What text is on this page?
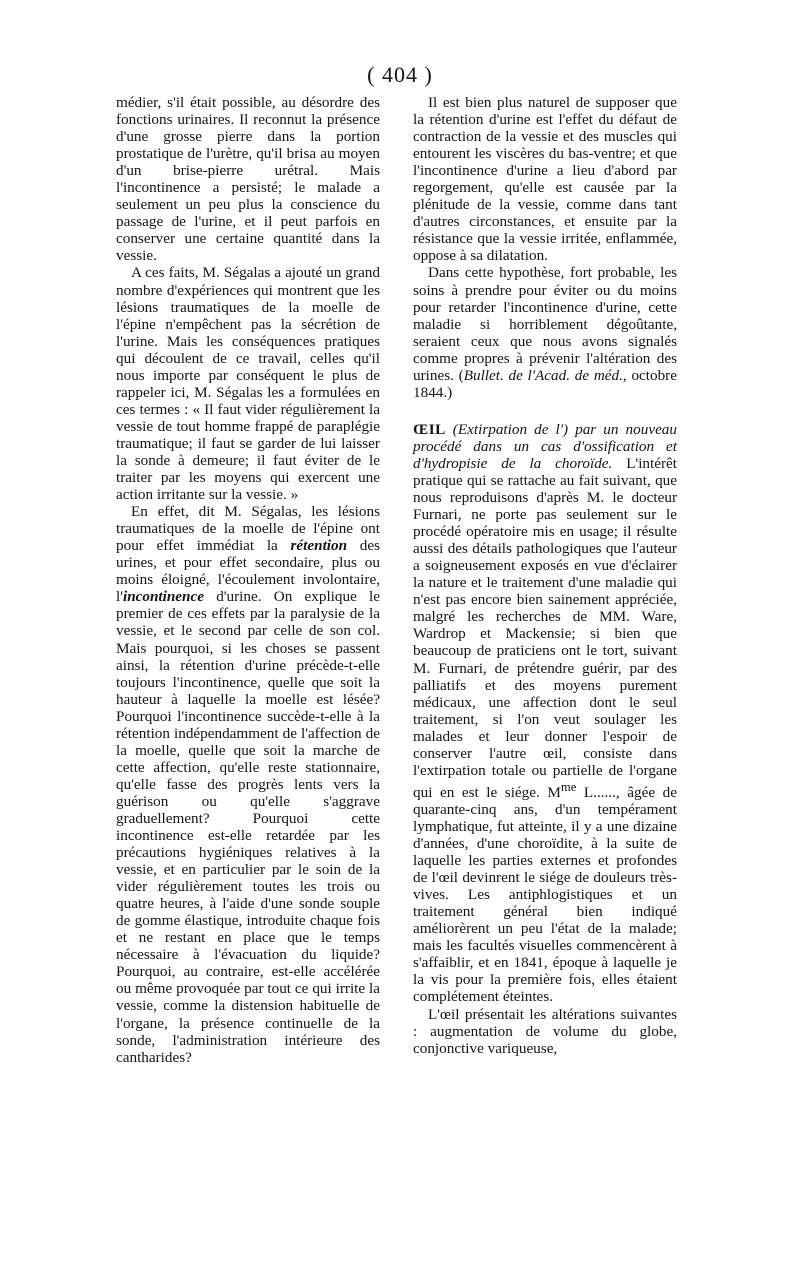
( 404 )

médier, s'il était possible, au désordre des fonctions urinaires. Il reconnut la présence d'une grosse pierre dans la portion prostatique de l'urètre, qu'il brisa au moyen d'un brise-pierre urétral. Mais l'incontinence a persisté; le malade a seulement un peu plus la conscience du passage de l'urine, et il peut parfois en conserver une certaine quantité dans la vessie.

A ces faits, M. Ségalas a ajouté un grand nombre d'expériences qui montrent que les lésions traumatiques de la moelle de l'épine n'empêchent pas la sécrétion de l'urine. Mais les conséquences pratiques qui découlent de ce travail, celles qu'il nous importe par conséquent le plus de rappeler ici, M. Ségalas les a formulées en ces termes : « Il faut vider régulièrement la vessie de tout homme frappé de paraplégie traumatique; il faut se garder de lui laisser la sonde à demeure; il faut éviter de le traiter par les moyens qui exercent une action irritante sur la vessie. »

En effet, dit M. Ségalas, les lésions traumatiques de la moelle de l'épine ont pour effet immédiat la rétention des urines, et pour effet secondaire, plus ou moins éloigné, l'écoulement involontaire, l'incontinence d'urine. On explique le premier de ces effets par la paralysie de la vessie, et le second par celle de son col. Mais pourquoi, si les choses se passent ainsi, la rétention d'urine précède-t-elle toujours l'incontinence, quelle que soit la hauteur à laquelle la moelle est lésée? Pourquoi l'incontinence succède-t-elle à la rétention indépendamment de l'affection de la moelle, quelle que soit la marche de cette affection, qu'elle reste stationnaire, qu'elle fasse des progrès lents vers la guérison ou qu'elle s'aggrave graduellement? Pourquoi cette incontinence est-elle retardée par les précautions hygiéniques relatives à la vessie, et en particulier par le soin de la vider régulièrement toutes les trois ou quatre heures, à l'aide d'une sonde souple de gomme élastique, introduite chaque fois et ne restant en place que le temps nécessaire à l'évacuation du liquide? Pourquoi, au contraire, est-elle accélérée ou même provoquée par tout ce qui irrite la vessie, comme la distension habituelle de l'organe, la présence continuelle de la sonde, l'administration intérieure des cantharides?

Il est bien plus naturel de supposer que la rétention d'urine est l'effet du défaut de contraction de la vessie et des muscles qui entourent les viscères du bas-ventre; et que l'incontinence d'urine a lieu d'abord par regorgement, qu'elle est causée par la plénitude de la vessie, comme dans tant d'autres circonstances, et ensuite par la résistance que la vessie irritée, enflammée, oppose à sa dilatation.

Dans cette hypothèse, fort probable, les soins à prendre pour éviter ou du moins pour retarder l'incontinence d'urine, cette maladie si horriblement dégoûtante, seraient ceux que nous avons signalés comme propres à prévenir l'altération des urines. (Bullet. de l'Acad. de méd., octobre 1844.)

ŒIL (Extirpation de l') par un nouveau procédé dans un cas d'ossification et d'hydropisie de la choroïde. L'intérêt pratique qui se rattache au fait suivant, que nous reproduisons d'après M. le docteur Furnari, ne porte pas seulement sur le procédé opératoire mis en usage; il résulte aussi des détails pathologiques que l'auteur a soigneusement exposés en vue d'éclairer la nature et le traitement d'une maladie qui n'est pas encore bien sainement appréciée, malgré les recherches de MM. Ware, Wardrop et Mackensie; si bien que beaucoup de praticiens ont le tort, suivant M. Furnari, de prétendre guérir, par des palliatifs et des moyens purement médicaux, une affection dont le seul traitement, si l'on veut soulager les malades et leur donner l'espoir de conserver l'autre œil, consiste dans l'extirpation totale ou partielle de l'organe qui en est le siége. $M^{me}$ L......, âgée de quarante-cinq ans, d'un tempérament lymphatique, fut atteinte, il y a une dizaine d'années, d'une choroïdite, à la suite de laquelle les parties externes et profondes de l'œil devinrent le siége de douleurs très-vives. Les antiphlogistiques et un traitement général bien indiqué améliorèrent un peu l'état de la malade; mais les facultés visuelles commencèrent à s'affaiblir, et en 1841, époque à laquelle je la vis pour la première fois, elles étaient complétement éteintes.

L'œil présentait les altérations suivantes : augmentation de volume du globe, conjonctive variqueuse,
